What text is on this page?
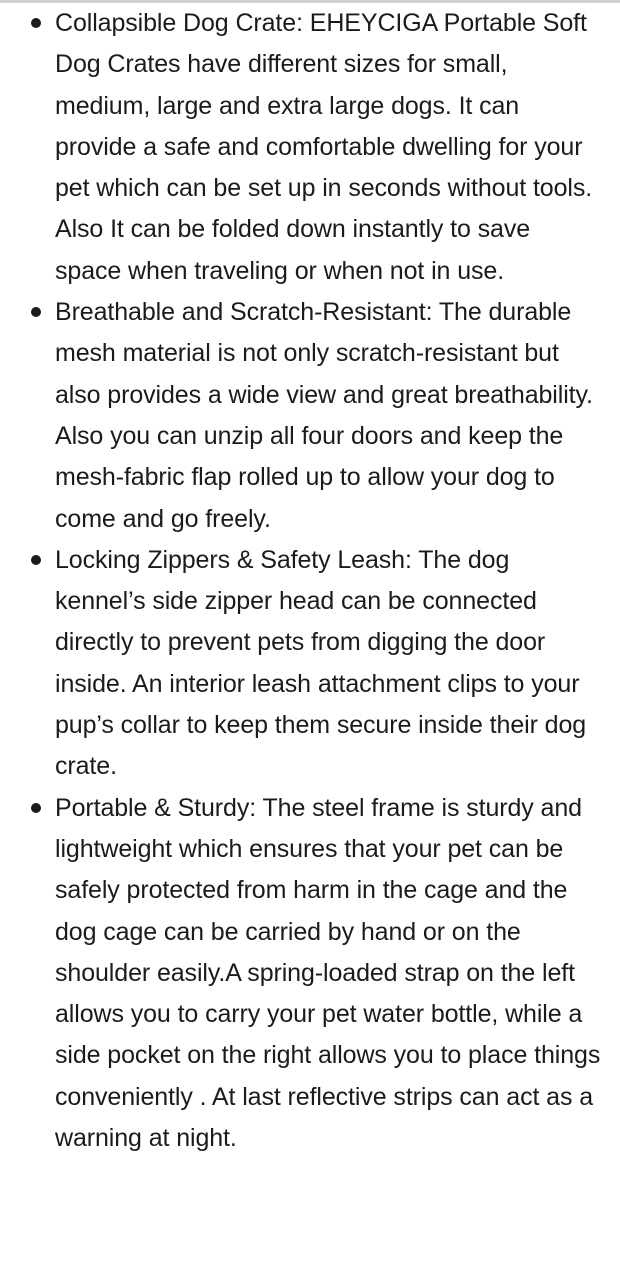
Collapsible Dog Crate: EHEYCIGA Portable Soft Dog Crates have different sizes for small, medium, large and extra large dogs. It can provide a safe and comfortable dwelling for your pet which can be set up in seconds without tools. Also It can be folded down instantly to save space when traveling or when not in use.
Breathable and Scratch-Resistant: The durable mesh material is not only scratch-resistant but also provides a wide view and great breathability. Also you can unzip all four doors and keep the mesh-fabric flap rolled up to allow your dog to come and go freely.
Locking Zippers & Safety Leash: The dog kennel’s side zipper head can be connected directly to prevent pets from digging the door inside. An interior leash attachment clips to your pup’s collar to keep them secure inside their dog crate.
Portable & Sturdy: The steel frame is sturdy and lightweight which ensures that your pet can be safely protected from harm in the cage and the dog cage can be carried by hand or on the shoulder easily.A spring-loaded strap on the left allows you to carry your pet water bottle, while a side pocket on the right allows you to place things conveniently . At last reflective strips can act as a warning at night.
